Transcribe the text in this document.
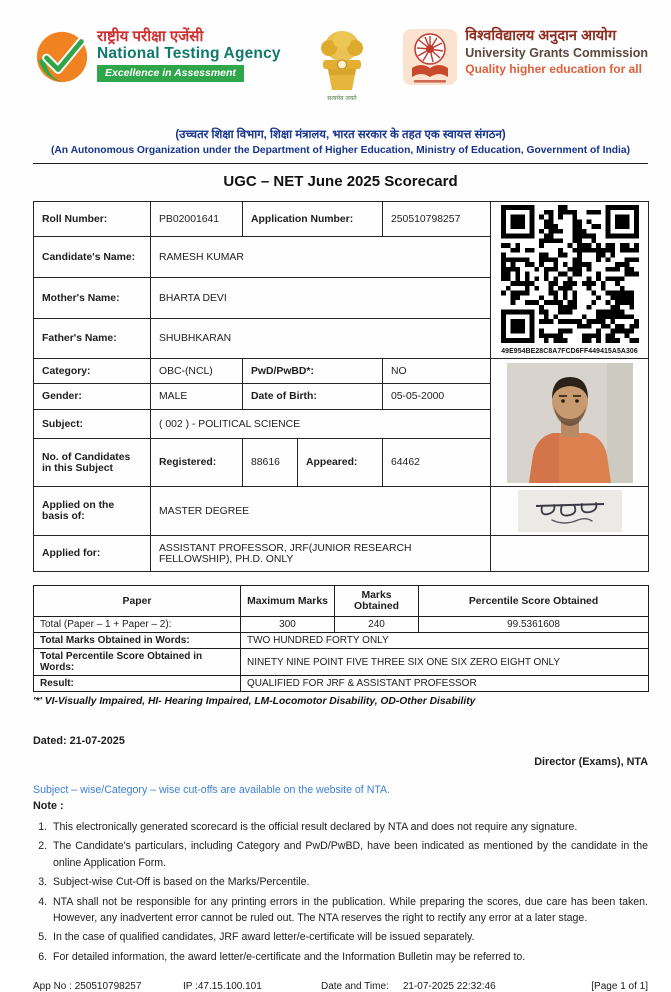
राष्ट्रीय परीक्षा एजेंसी
National Testing Agency
Excellence in Assessment
सत्यमेव जयते
विश्वविद्यालय अनुदान आयोग
University Grants Commission
Quality higher education for all
(उच्चतर शिक्षा विभाग, शिक्षा मंत्रालय, भारत सरकार के तहत एक स्वायत्त संगठन)
(An Autonomous Organization under the Department of Higher Education, Ministry of Education, Government of India)
UGC – NET June 2025 Scorecard
Roll Number:	PB02001641	Application Number:		250510798257	49E954BE28C8A7FCD6FF449415A5A306

Candidate's Name:	RAMESH KUMAR				
Mother's Name:	BHARTA DEVI				
Father's Name:	SHUBHKARAN				
Category:	OBC-(NCL)	PwD/PwBD*:		NO	

Gender:	MALE	Date of Birth:		05-05-2000	
Subject:	( 002 ) - POLITICAL SCIENCE				
No. of Candidates in this Subject	Registered:	88616	Appeared:	64462	
Applied on the basis of:	MASTER DEGREE	

Applied for:	ASSISTANT PROFESSOR, JRF(JUNIOR RESEARCH FELLOWSHIP), PH.D. ONLY				
Paper	Maximum Marks	Marks Obtained	Percentile Score Obtained
Total (Paper – 1 + Paper – 2):	300	240	99.5361608
Total Marks Obtained in Words:	TWO HUNDRED FORTY ONLY		
Total Percentile Score Obtained in Words:	NINETY NINE POINT FIVE THREE SIX ONE SIX ZERO EIGHT ONLY		
Result:	QUALIFIED FOR JRF & ASSISTANT PROFESSOR		
'*' VI-Visually Impaired, HI- Hearing Impaired, LM-Locomotor Disability, OD-Other Disability
Dated: 21-07-2025
Director (Exams), NTA
Subject – wise/Category – wise cut-offs are available on the website of NTA.
Note :
1. This electronically generated scorecard is the official result declared by NTA and does not require any signature.
2. The Candidate's particulars, including Category and PwD/PwBD, have been indicated as mentioned by the candidate in the online Application Form.
3. Subject-wise Cut-Off is based on the Marks/Percentile.
4. NTA shall not be responsible for any printing errors in the publication. While preparing the scores, due care has been taken. However, any inadvertent error cannot be ruled out. The NTA reserves the right to rectify any error at a later stage.
5. In the case of qualified candidates, JRF award letter/e-certificate will be issued separately.
6. For detailed information, the award letter/e-certificate and the Information Bulletin may be referred to.
App No : 250510798257	IP :47.15.100.101	Date and Time: 21-07-2025 22:32:46	[Page 1 of 1]
